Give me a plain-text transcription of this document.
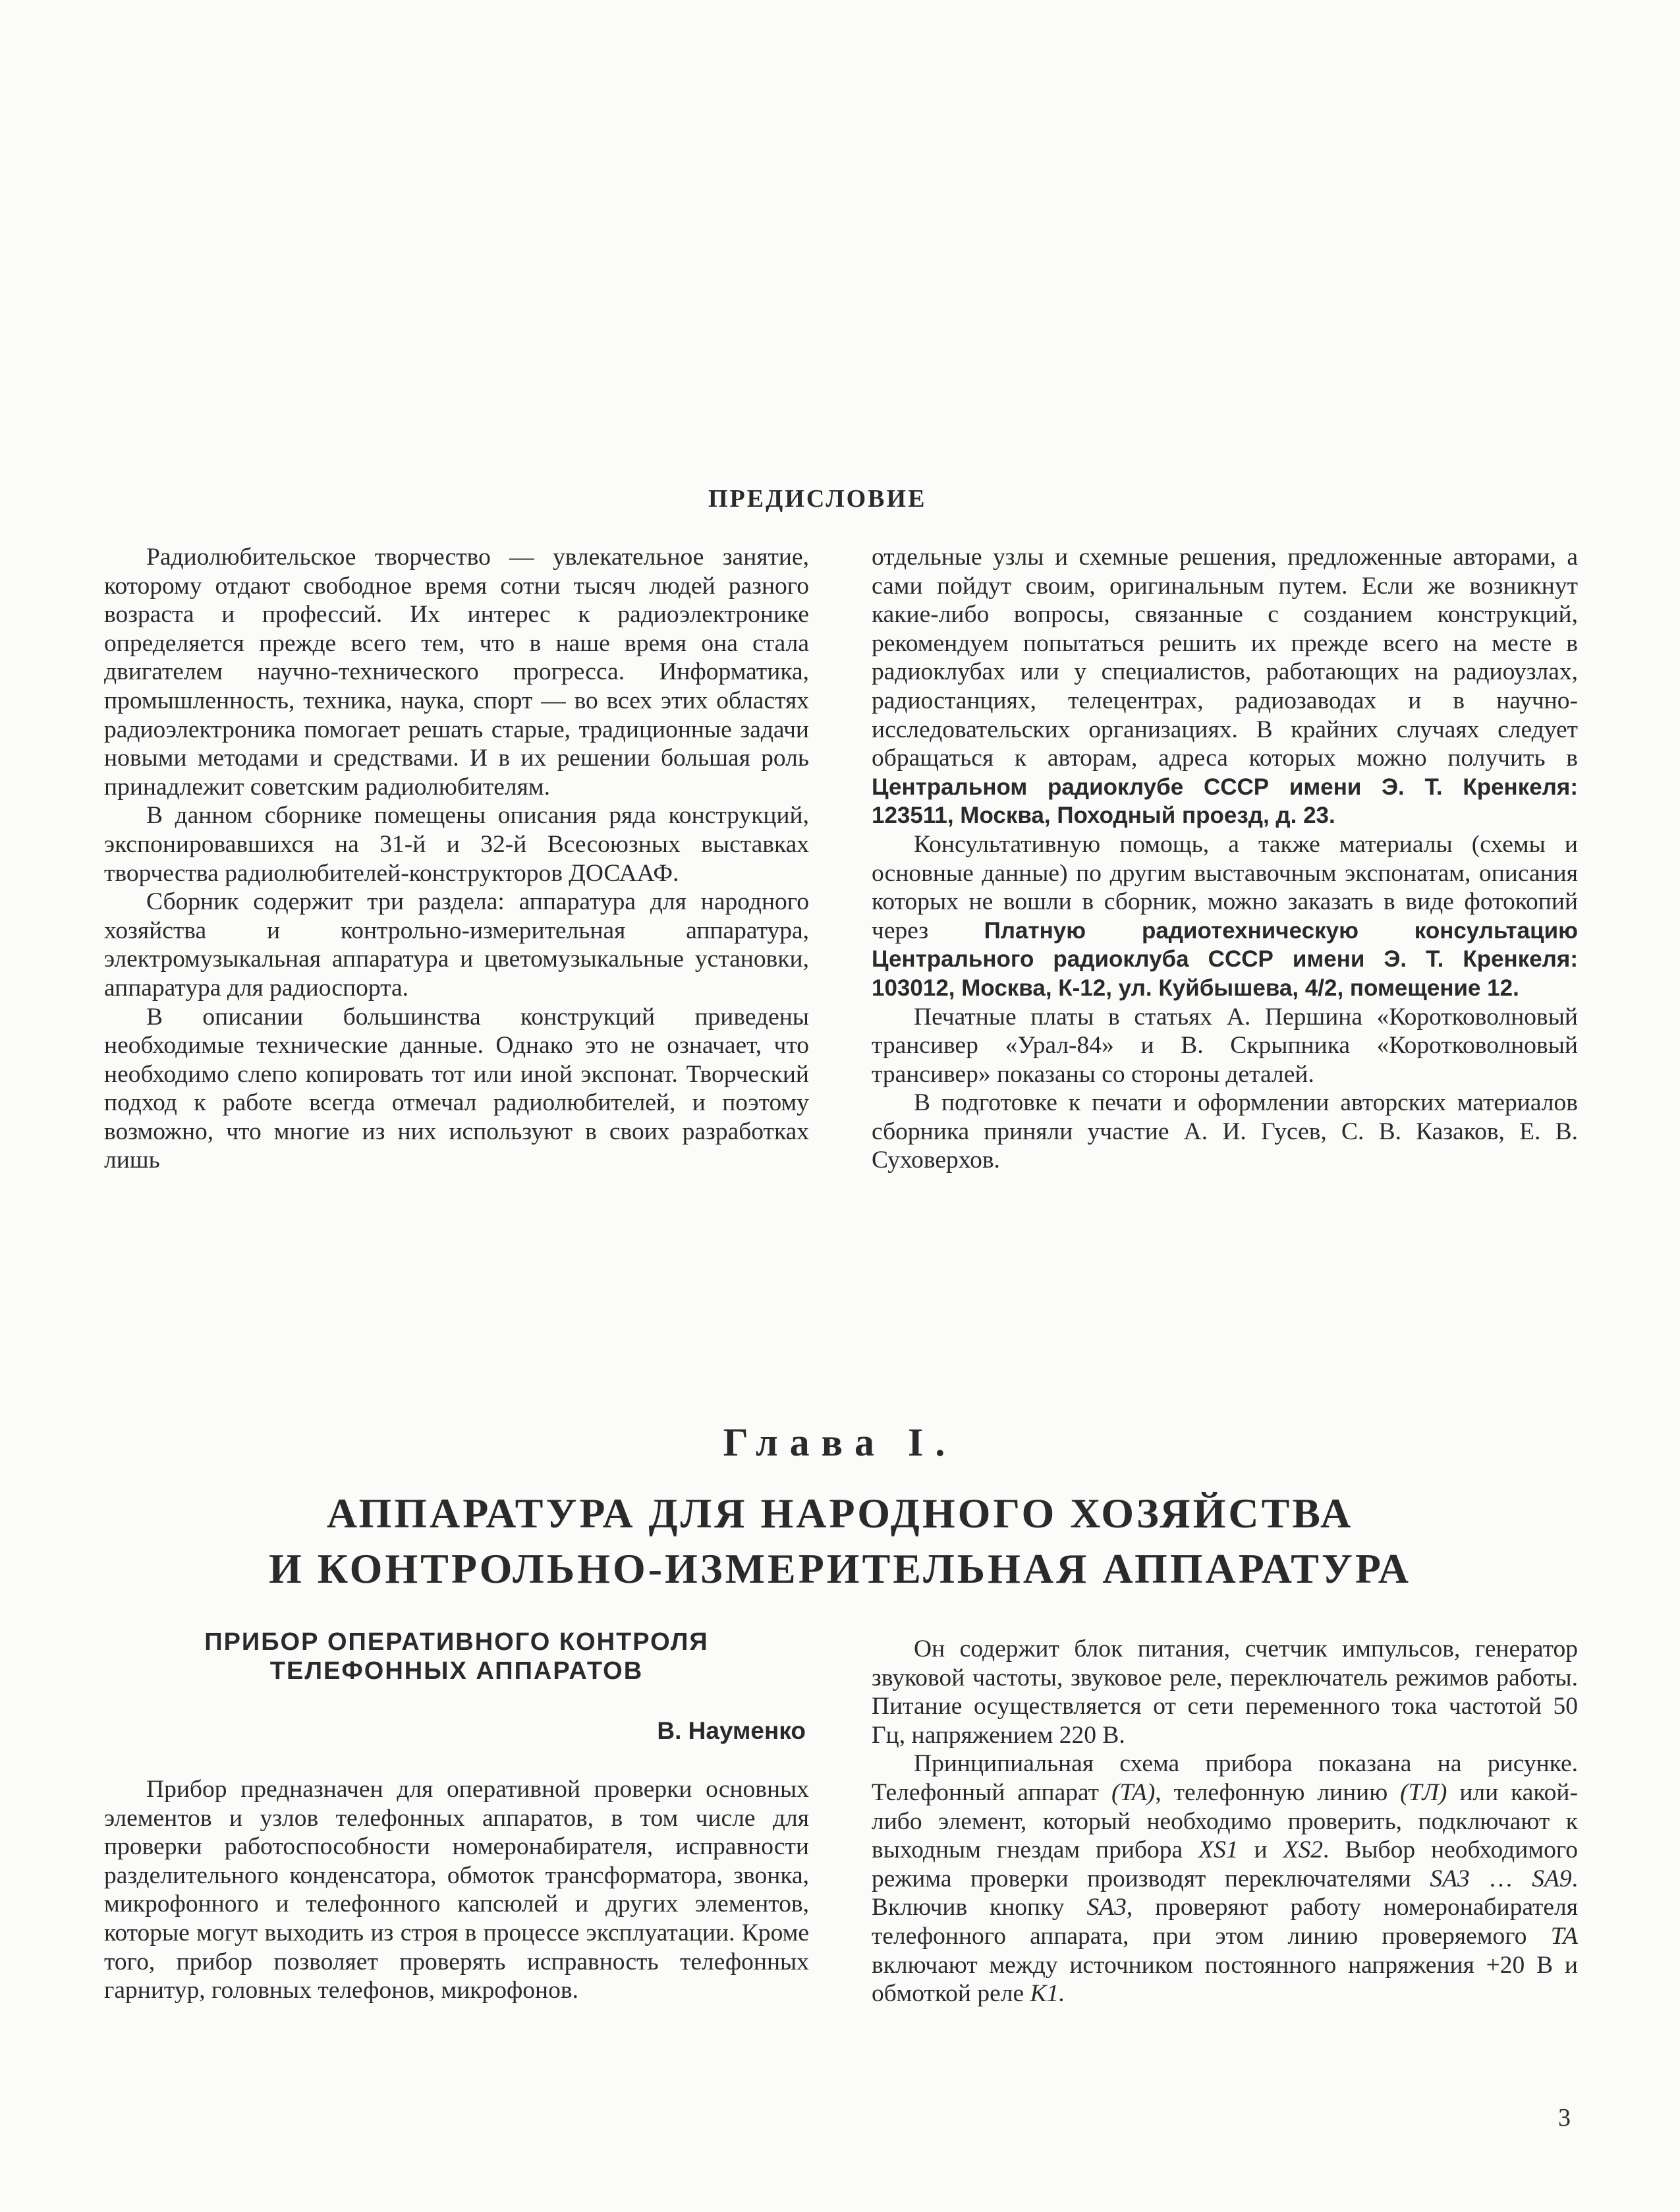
ПРЕДИСЛОВИЕ

Радиолюбительское творчество — увлекательное занятие, которому отдают свободное время сотни тысяч людей разного возраста и профессий. Их интерес к радиоэлектронике определяется прежде всего тем, что в наше время она стала двигателем научно-технического прогресса. Информатика, промышленность, техника, наука, спорт — во всех этих областях радиоэлектроника помогает решать старые, традиционные задачи новыми методами и средствами. И в их решении большая роль принадлежит советским радиолюбителям.

В данном сборнике помещены описания ряда конструкций, экспонировавшихся на 31-й и 32-й Всесоюзных выставках творчества радиолюбителей-конструкторов ДОСААФ.

Сборник содержит три раздела: аппаратура для народного хозяйства и контрольно-измерительная аппаратура, электромузыкальная аппаратура и цветомузыкальные установки, аппаратура для радиоспорта.

В описании большинства конструкций приведены необходимые технические данные. Однако это не означает, что необходимо слепо копировать тот или иной экспонат. Творческий подход к работе всегда отмечал радиолюбителей, и поэтому возможно, что многие из них используют в своих разработках лишь

отдельные узлы и схемные решения, предложенные авторами, а сами пойдут своим, оригинальным путем. Если же возникнут какие-либо вопросы, связанные с созданием конструкций, рекомендуем попытаться решить их прежде всего на месте в радиоклубах или у специалистов, работающих на радиоузлах, радиостанциях, телецентрах, радиозаводах и в научно-исследовательских организациях. В крайних случаях следует обращаться к авторам, адреса которых можно получить в Центральном радиоклубе СССР имени Э. Т. Кренкеля: 123511, Москва, Походный проезд, д. 23.

Консультативную помощь, а также материалы (схемы и основные данные) по другим выставочным экспонатам, описания которых не вошли в сборник, можно заказать в виде фотокопий через Платную радиотехническую консультацию Центрального радиоклуба СССР имени Э. Т. Кренкеля: 103012, Москва, К-12, ул. Куйбышева, 4/2, помещение 12.

Печатные платы в статьях А. Першина «Коротковолновый трансивер «Урал-84» и В. Скрыпника «Коротковолновый трансивер» показаны со стороны деталей.

В подготовке к печати и оформлении авторских материалов сборника приняли участие А. И. Гусев, С. В. Казаков, Е. В. Суховерхов.

Глава I.
АППАРАТУРА ДЛЯ НАРОДНОГО ХОЗЯЙСТВА
И КОНТРОЛЬНО-ИЗМЕРИТЕЛЬНАЯ АППАРАТУРА
ПРИБОР ОПЕРАТИВНОГО КОНТРОЛЯ
ТЕЛЕФОННЫХ АППАРАТОВ
В. Науменко

Прибор предназначен для оперативной проверки основных элементов и узлов телефонных аппаратов, в том числе для проверки работоспособности номеронабирателя, исправности разделительного конденсатора, обмоток трансформатора, звонка, микрофонного и телефонного капсюлей и других элементов, которые могут выходить из строя в процессе эксплуатации. Кроме того, прибор позволяет проверять исправность телефонных гарнитур, головных телефонов, микрофонов.

Он содержит блок питания, счетчик импульсов, генератор звуковой частоты, звуковое реле, переключатель режимов работы. Питание осуществляется от сети переменного тока частотой 50 Гц, напряжением 220 В.

Принципиальная схема прибора показана на рисунке. Телефонный аппарат (ТА), телефонную линию (ТЛ) или какой-либо элемент, который необходимо проверить, подключают к выходным гнездам прибора XS1 и XS2. Выбор необходимого режима проверки производят переключателями SA3 … SA9. Включив кнопку SA3, проверяют работу номеронабирателя телефонного аппарата, при этом линию проверяемого ТА включают между источником постоянного напряжения +20 В и обмоткой реле К1.

3
